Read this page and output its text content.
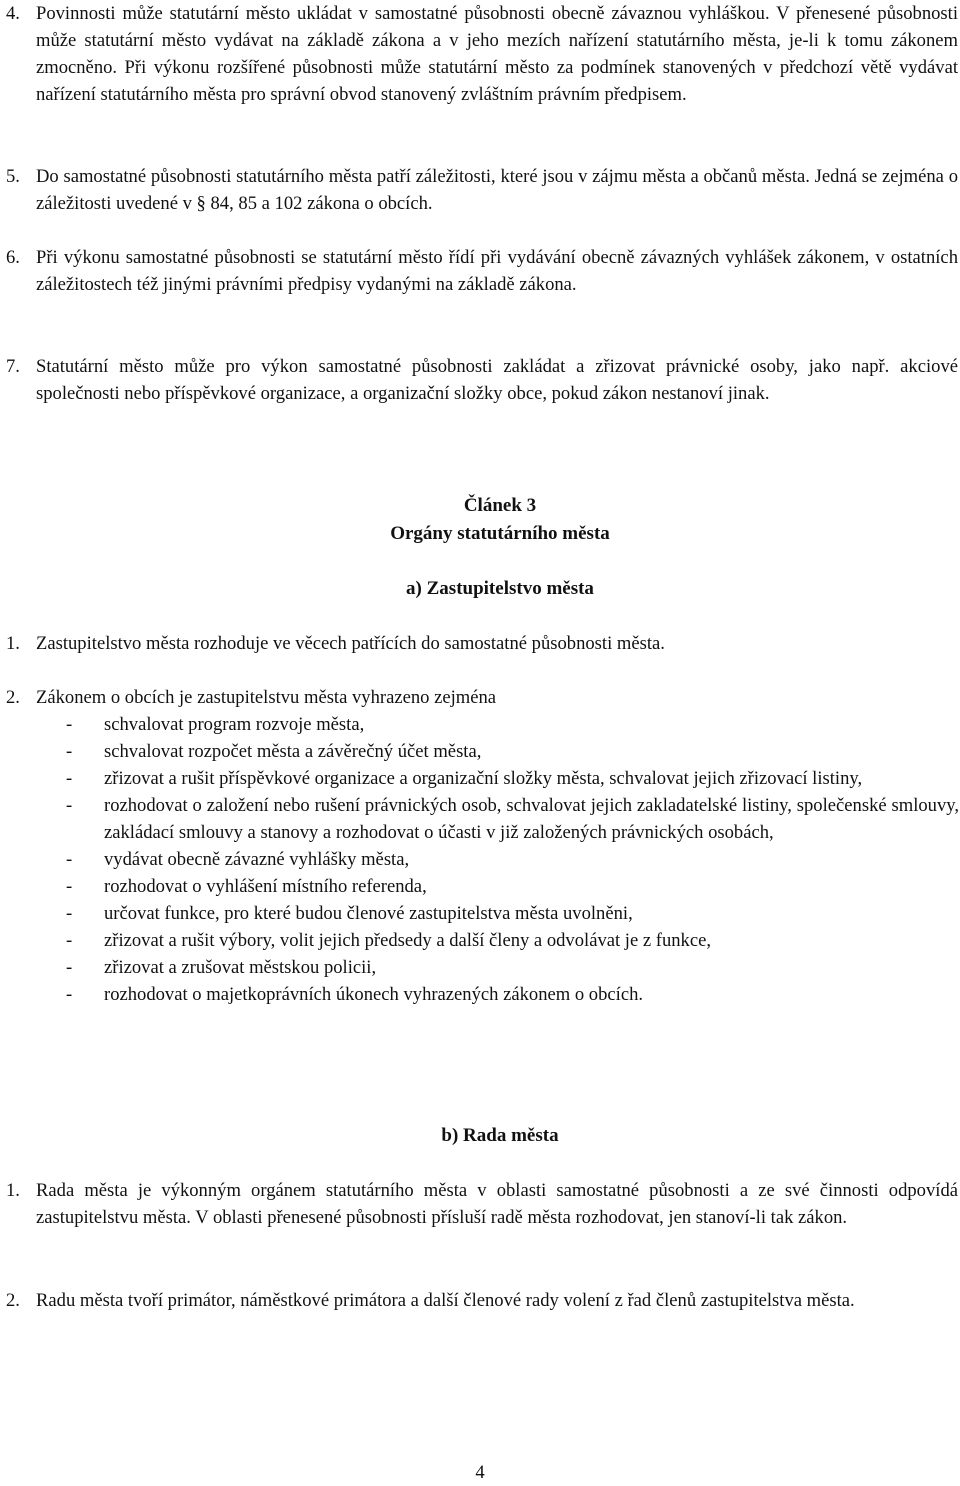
4. Povinnosti může statutární město ukládat v samostatné působnosti obecně závaznou vyhláškou. V přenesené působnosti může statutární město vydávat na základě zákona a v jeho mezích nařízení statutárního města, je-li k tomu zákonem zmocněno. Při výkonu rozšířené působnosti může statutární město za podmínek stanovených v předchozí větě vydávat nařízení statutárního města pro správní obvod stanovený zvláštním právním předpisem.
5. Do samostatné působnosti statutárního města patří záležitosti, které jsou v zájmu města a občanů města. Jedná se zejména o záležitosti uvedené v § 84, 85 a 102 zákona o obcích.
6. Při výkonu samostatné působnosti se statutární město řídí při vydávání obecně závazných vyhlášek zákonem, v ostatních záležitostech též jinými právními předpisy vydanými na základě zákona.
7. Statutární město může pro výkon samostatné působnosti zakládat a zřizovat právnické osoby, jako např. akciové společnosti nebo příspěvkové organizace, a organizační složky obce, pokud zákon nestanoví jinak.
Článek 3
Orgány statutárního města
a) Zastupitelstvo města
1. Zastupitelstvo města rozhoduje ve věcech patřících do samostatné působnosti města.
2. Zákonem o obcích je zastupitelstvu města vyhrazeno zejména
-	schvalovat program rozvoje města,
-	schvalovat rozpočet města a závěrečný účet města,
-	zřizovat a rušit příspěvkové organizace a organizační složky města, schvalovat jejich zřizovací listiny,
-	rozhodovat o založení nebo rušení právnických osob, schvalovat jejich zakladatelské listiny, společenské smlouvy, zakládací smlouvy a stanovy a rozhodovat o účasti v již založených právnických osobách,
-	vydávat obecně závazné vyhlášky města,
-	rozhodovat o vyhlášení místního referenda,
-	určovat funkce, pro které budou členové zastupitelstva města uvolněni,
-	zřizovat a rušit výbory, volit jejich předsedy a další členy a odvolávat je z funkce,
-	zřizovat a zrušovat městskou policii,
-	rozhodovat o majetkoprávních úkonech vyhrazených zákonem o obcích.
b) Rada města
1. Rada města je výkonným orgánem statutárního města v oblasti samostatné působnosti a ze své činnosti odpovídá zastupitelstvu města. V oblasti přenesené působnosti přísluší radě města rozhodovat, jen stanoví-li tak zákon.
2. Radu města tvoří primátor, náměstkové primátora a další členové rady volení z řad členů zastupitelstva města.
4
